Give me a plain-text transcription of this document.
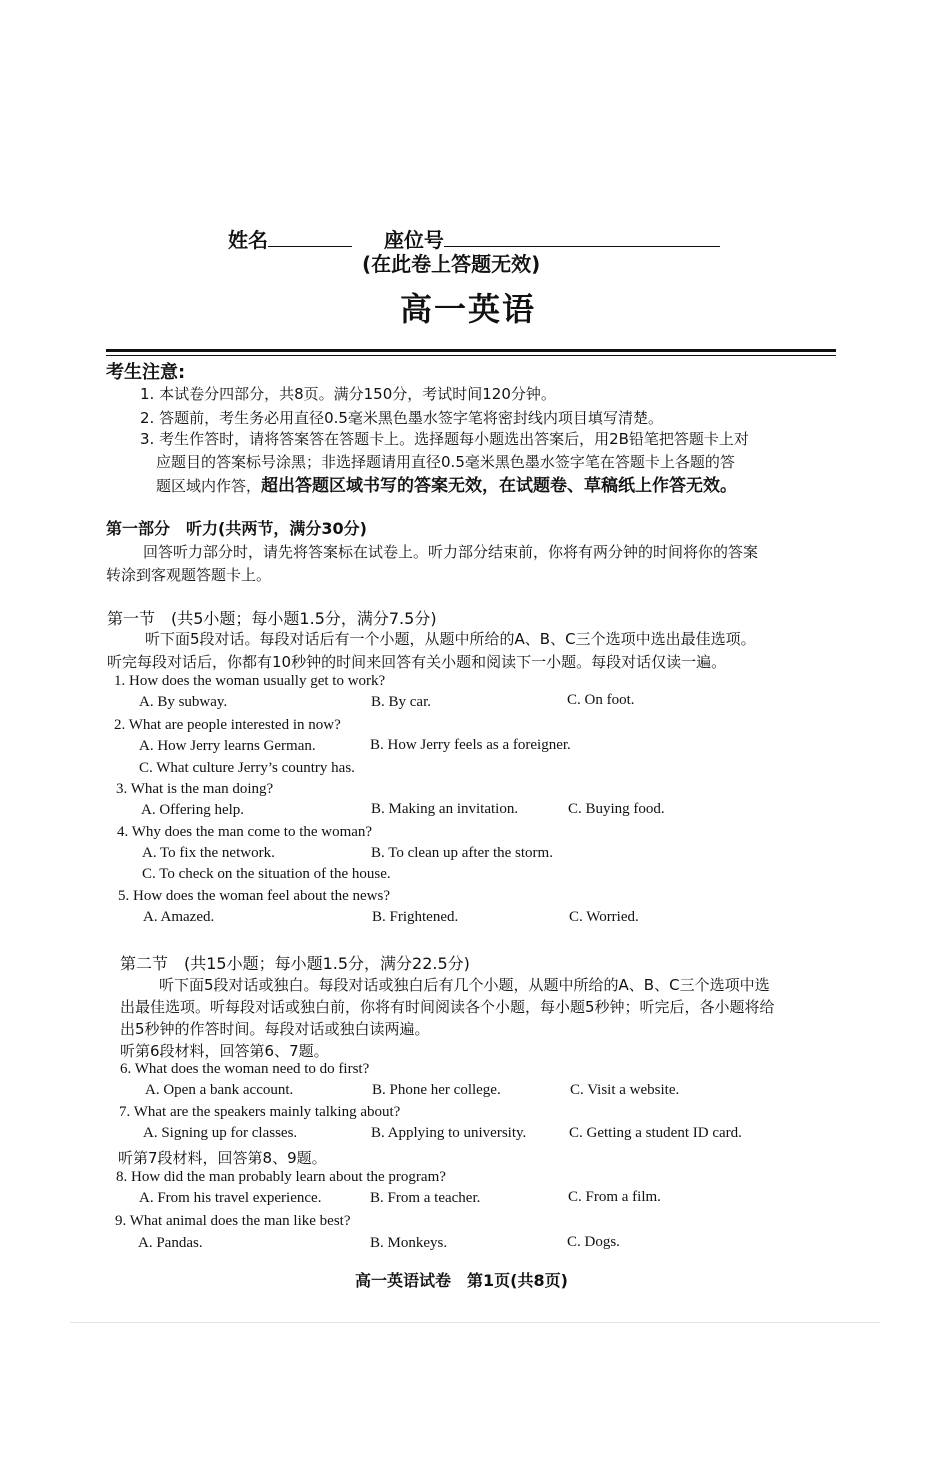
姓名	座位号
(在此卷上答题无效)
高一英语
考生注意:
1. 本试卷分四部分，共8页。满分150分，考试时间120分钟。
2. 答题前，考生务必用直径0.5毫米黑色墨水签字笔将密封线内项目填写清楚。
3. 考生作答时，请将答案答在答题卡上。选择题每小题选出答案后，用2B铅笔把答题卡上对
应题目的答案标号涂黑；非选择题请用直径0.5毫米黑色墨水签字笔在答题卡上各题的答
题区域内作答，超出答题区域书写的答案无效，在试题卷、草稿纸上作答无效。
第一部分　听力(共两节，满分30分)
回答听力部分时，请先将答案标在试卷上。听力部分结束前，你将有两分钟的时间将你的答案
转涂到客观题答题卡上。
第一节　(共5小题；每小题1.5分，满分7.5分)
听下面5段对话。每段对话后有一个小题，从题中所给的A、B、C三个选项中选出最佳选项。
听完每段对话后，你都有10秒钟的时间来回答有关小题和阅读下一小题。每段对话仅读一遍。
1. How does the woman usually get to work?
A. By subway.	B. By car.	C. On foot.
2. What are people interested in now?
A. How Jerry learns German.	B. How Jerry feels as a foreigner.
C. What culture Jerry’s country has.
3. What is the man doing?
A. Offering help.	B. Making an invitation.	C. Buying food.
4. Why does the man come to the woman?
A. To fix the network.	B. To clean up after the storm.
C. To check on the situation of the house.
5. How does the woman feel about the news?
A. Amazed.	B. Frightened.	C. Worried.
第二节　(共15小题；每小题1.5分，满分22.5分)
听下面5段对话或独白。每段对话或独白后有几个小题，从题中所给的A、B、C三个选项中选
出最佳选项。听每段对话或独白前，你将有时间阅读各个小题，每小题5秒钟；听完后，各小题将给
出5秒钟的作答时间。每段对话或独白读两遍。
听第6段材料，回答第6、7题。
6. What does the woman need to do first?
A. Open a bank account.	B. Phone her college.	C. Visit a website.
7. What are the speakers mainly talking about?
A. Signing up for classes.	B. Applying to university.	C. Getting a student ID card.
听第7段材料，回答第8、9题。
8. How did the man probably learn about the program?
A. From his travel experience.	B. From a teacher.	C. From a film.
9. What animal does the man like best?
A. Pandas.	B. Monkeys.	C. Dogs.
高一英语试卷　第1页(共8页)
